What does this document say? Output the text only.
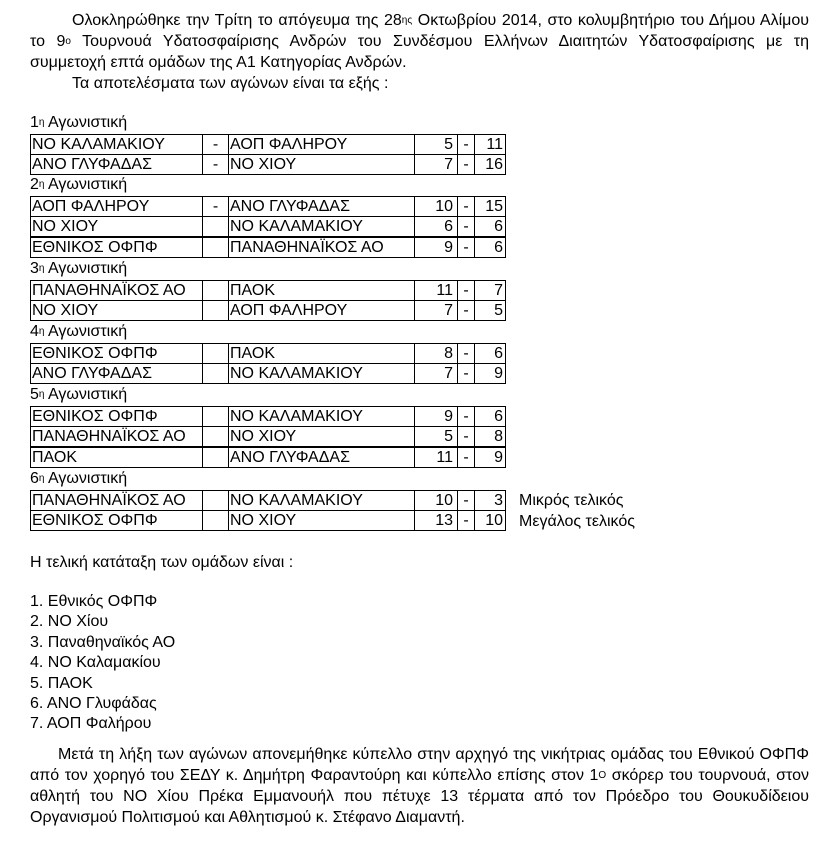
Ολοκληρώθηκε την Τρίτη το απόγευμα της $28^{\eta\varsigma}$ Οκτωβρίου 2014, στο κολυμβητήριο του Δήμου Αλίμου το $9^o$ Τουρνουά Υδατοσφαίρισης Ανδρών του Συνδέσμου Ελλήνων Διαιτητών Υδατοσφαίρισης με τη συμμετοχή επτά ομάδων της Α1 Κατηγορίας Ανδρών.

Τα αποτελέσματα των αγώνων είναι τα εξής :

$1^\eta$ Αγωνιστική

ΝΟ ΚΑΛΑΜΑΚΙΟΥ	- ΑΟΠ ΦΑΛΗΡΟΥ	5 -	11
ΑΝΟ ΓΛΥΦΑΔΑΣ	- ΝΟ ΧΙΟΥ	7 -	16

$2^\eta$ Αγωνιστική

ΑΟΠ ΦΑΛΗΡΟΥ	- ΑΝΟ ΓΛΥΦΑΔΑΣ	10 -	15
ΝΟ ΧΙΟΥ	ΝΟ ΚΑΛΑΜΑΚΙΟΥ	6 -	6
ΕΘΝΙΚΟΣ ΟΦΠΦ	ΠΑΝΑΘΗΝΑΪΚΟΣ ΑΟ	9 -	6

$3^\eta$ Αγωνιστική

ΠΑΝΑΘΗΝΑΪΚΟΣ ΑΟ	ΠΑΟΚ	11 -	7
ΝΟ ΧΙΟΥ	ΑΟΠ ΦΑΛΗΡΟΥ	7 -	5

$4^\eta$ Αγωνιστική

ΕΘΝΙΚΟΣ ΟΦΠΦ	ΠΑΟΚ	8 -	6
ΑΝΟ ΓΛΥΦΑΔΑΣ	ΝΟ ΚΑΛΑΜΑΚΙΟΥ	7 -	9

$5^\eta$ Αγωνιστική

ΕΘΝΙΚΟΣ ΟΦΠΦ	ΝΟ ΚΑΛΑΜΑΚΙΟΥ	9 -	6
ΠΑΝΑΘΗΝΑΪΚΟΣ ΑΟ	ΝΟ ΧΙΟΥ	5 -	8
ΠΑΟΚ	ΑΝΟ ΓΛΥΦΑΔΑΣ	11 -	9

$6^\eta$ Αγωνιστική

ΠΑΝΑΘΗΝΑΪΚΟΣ ΑΟ	ΝΟ ΚΑΛΑΜΑΚΙΟΥ	10 -	3 Μικρός τελικός
ΕΘΝΙΚΟΣ ΟΦΠΦ	ΝΟ ΧΙΟΥ	13 -	10 Μεγάλος τελικός

Η τελική κατάταξη των ομάδων είναι :

1. Εθνικός ΟΦΠΦ
2. ΝΟ Χίου
3. Παναθηναϊκός ΑΟ
4. ΝΟ Καλαμακίου
5. ΠΑΟΚ
6. ΑΝΟ Γλυφάδας
7. ΑΟΠ Φαλήρου

Μετά τη λήξη των αγώνων απονεμήθηκε κύπελλο στην αρχηγό της νικήτριας ομάδας του Εθνικού ΟΦΠΦ από τον χορηγό του ΣΕΔΥ κ. Δημήτρη Φαραντούρη και κύπελλο επίσης στον $1^O$ σκόρερ του τουρνουά, στον αθλητή του ΝΟ Χίου Πρέκα Εμμανουήλ που πέτυχε 13 τέρματα από τον Πρόεδρο του Θουκυδίδειου Οργανισμού Πολιτισμού και Αθλητισμού κ. Στέφανο Διαμαντή.
